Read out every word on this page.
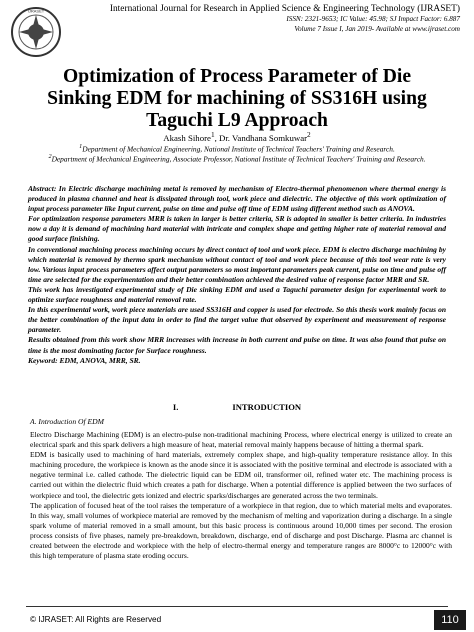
IJRASET	International Journal for Research in Applied Science & Engineering Technology (IJRASET)
ISSN: 2321-9653; IC Value: 45.98; SJ Impact Factor: 6.887
Volume 7 Issue I, Jan 2019- Available at www.ijraset.com
Optimization of Process Parameter of Die
Sinking EDM for machining of SS316H using
Taguchi L9 Approach
Akash Sihore$^1$, Dr. Vandhana Somkuwar$^2$
$^1$Department of Mechanical Engineering, National Institute of Technical Teachers' Training and Research.
$^2$Department of Mechanical Engineering, Associate Professor, National Institute of Technical Teachers' Training and Research.

Abstract: In Electric discharge machining metal is removed by mechanism of Electro-thermal phenomenon where thermal energy is produced in plasma channel and heat is dissipated through tool, work piece and dielectric. The objective of this work optimization of input process parameter like Input current, pulse on time and pulse off time of EDM using different method such as ANOVA.

For optimization response parameters MRR is taken in larger is better criteria, SR is adopted in smaller is better criteria. In industries now a day it is demand of machining hard material with intricate and complex shape and getting higher rate of material removal and good surface finishing.

In conventional machining process machining occurs by direct contact of tool and work piece. EDM is electro discharge machining by which material is removed by thermo spark mechanism without contact of tool and work piece because of this tool wear rate is very low. Various input process parameters affect output parameters so most important parameters peak current, pulse on time and pulse off time are selected for the experimentation and their better combination achieved the desired value of response factor MRR and SR.

This work has investigated experimental study of Die sinking EDM and used a Taguchi parameter design for experimental work to optimize surface roughness and material removal rate.

In this experimental work, work piece materials are used SS316H and copper is used for electrode. So this thesis work mainly focus on the better combination of the input data in order to find the target value that observed by experiment and measurement of response parameter.

Results obtained from this work show MRR increases with increase in both current and pulse on time. It was also found that pulse on time is the most dominating factor for Surface roughness.

Keyword: EDM, ANOVA, MRR, SR.

I.	INTRODUCTION
A. Introduction Of EDM

Electro Discharge Machining (EDM) is an electro-pulse non-traditional machining Process, where electrical energy is utilized to create an electrical spark and this spark delivers a high measure of heat, material removal mainly happens because of hitting a thermal spark.

EDM is basically used to machining of hard materials, extremely complex shape, and high-quality temperature resistance alloy. In this machining procedure, the workpiece is known as the anode since it is associated with the positive terminal and electrode is associated with a negative terminal i.e. called cathode. The dielectric liquid can be EDM oil, transformer oil, refined water etc. The machining process is carried out within the dielectric fluid which creates a path for discharge. When a potential difference is applied between the two surfaces of workpiece and tool, the dielectric gets ionized and electric sparks/discharges are generated across the two terminals.

The application of focused heat of the tool raises the temperature of a workpiece in that region, due to which material melts and evaporates. In this way, small volumes of workpiece material are removed by the mechanism of melting and vaporization during a discharge. In a single spark volume of material removed in a small amount, but this basic process is continuous around 10,000 times per second. The erosion process consists of five phases, namely pre-breakdown, breakdown, discharge, end of discharge and post Discharge. Plasma arc channel is created between the electrode and workpiece with the help of electro-thermal energy and temperature ranges are 8000°c to 12000°c with this high temperature of plasma state eroding occurs.

© IJRASET: All Rights are Reserved	110
